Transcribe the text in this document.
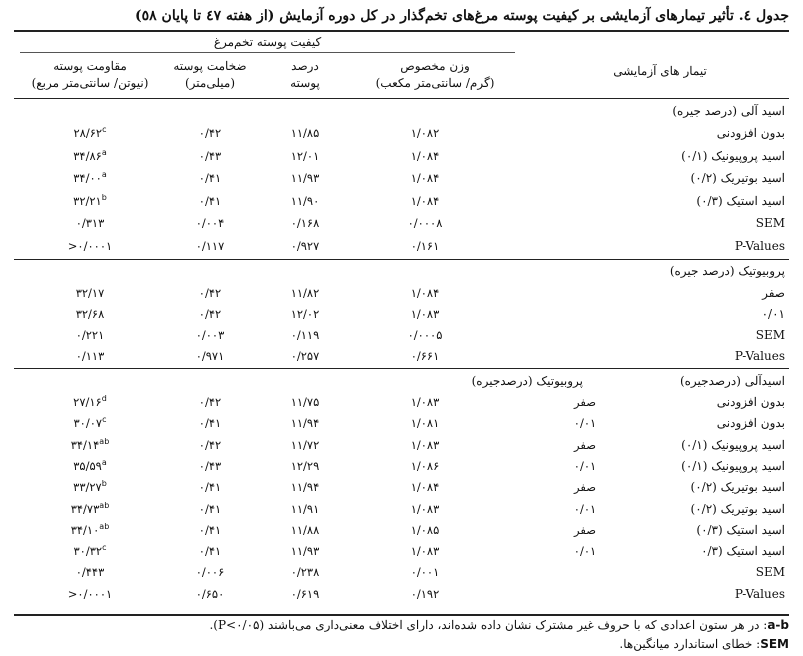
جدول ٤. تأثیر تیمارهای آزمایشی بر کیفیت پوسته مرغ‌های تخم‌گذار در کل دوره آزمایش (از هفته ٤٧ تا پایان ٥٨)
کیفیت پوسته تخم‌مرغ
تیمار های آزمایشی
وزن مخصوص
(گرم/ سانتی‌متر مکعب)
درصد
پوسته
ضخامت پوسته
(میلی‌متر)
مقاومت پوسته
(نیوتن/ سانتی‌متر مربع)
اسید آلی (درصد جیره)
بدون افزودنی
۱/۰۸۲
۱۱/۸۵
۰/۴۲
۲۸/۶۲$^c$
اسید پروپیونیک (۰/۱)
۱/۰۸۴
۱۲/۰۱
۰/۴۳
۳۴/۸۶$^a$
اسید بوتیریک (۰/۲)
۱/۰۸۴
۱۱/۹۳
۰/۴۱
۳۴/۰۰$^a$
اسید استیک (۰/۳)
۱/۰۸۴
۱۱/۹۰
۰/۴۱
۳۲/۲۱$^b$
SEM
۰/۰۰۰۸
۰/۱۶۸
۰/۰۰۴
۰/۳۱۳
P-Values
۰/۱۶۱
۰/۹۲۷
۰/۱۱۷
>۰/۰۰۰۱
پروبیوتیک (درصد جیره)
صفر
۱/۰۸۴
۱۱/۸۲
۰/۴۲
۳۲/۱۷
۰/۰۱
۱/۰۸۳
۱۲/۰۲
۰/۴۲
۳۲/۶۸
SEM
۰/۰۰۰۵
۰/۱۱۹
۰/۰۰۳
۰/۲۲۱
P-Values
۰/۶۶۱
۰/۲۵۷
۰/۹۷۱
۰/۱۱۳
اسیدآلی (درصدجیره)
پروبیوتیک (درصدجیره)
بدون افزودنی
صفر
۱/۰۸۳
۱۱/۷۵
۰/۴۲
۲۷/۱۶$^d$
بدون افزودنی
۰/۰۱
۱/۰۸۱
۱۱/۹۴
۰/۴۱
۳۰/۰۷$^c$
اسید پروپیونیک (۰/۱)
صفر
۱/۰۸۳
۱۱/۷۲
۰/۴۲
$۳۴/۱۴^{ab}$
اسید پروپیونیک (۰/۱)
۰/۰۱
۱/۰۸۶
۱۲/۲۹
۰/۴۳
۳۵/۵۹$^a$
اسید بوتیریک (۰/۲)
صفر
۱/۰۸۴
۱۱/۹۴
۰/۴۱
۳۳/۲۷$^b$
اسید بوتیریک (۰/۲)
۰/۰۱
۱/۰۸۳
۱۱/۹۱
۰/۴۱
$۳۴/۷۳^{ab}$
اسید استیک (۰/۳)
صفر
۱/۰۸۵
۱۱/۸۸
۰/۴۱
$۳۴/۱۰^{ab}$
اسید استیک (۰/۳
۰/۰۱
۱/۰۸۳
۱۱/۹۳
۰/۴۱
۳۰/۳۲$^c$
SEM
۰/۰۰۱
۰/۲۳۸
۰/۰۰۶
۰/۴۴۳
P-Values
۰/۱۹۲
۰/۶۱۹
۰/۶۵۰
>۰/۰۰۰۱
a-b: در هر ستون اعدادی که با حروف غیر مشترک نشان داده شده‌اند، دارای اختلاف معنی‌داری می‌باشند (P<۰/۰۵).
SEM: خطای استاندارد میانگین‌ها.
